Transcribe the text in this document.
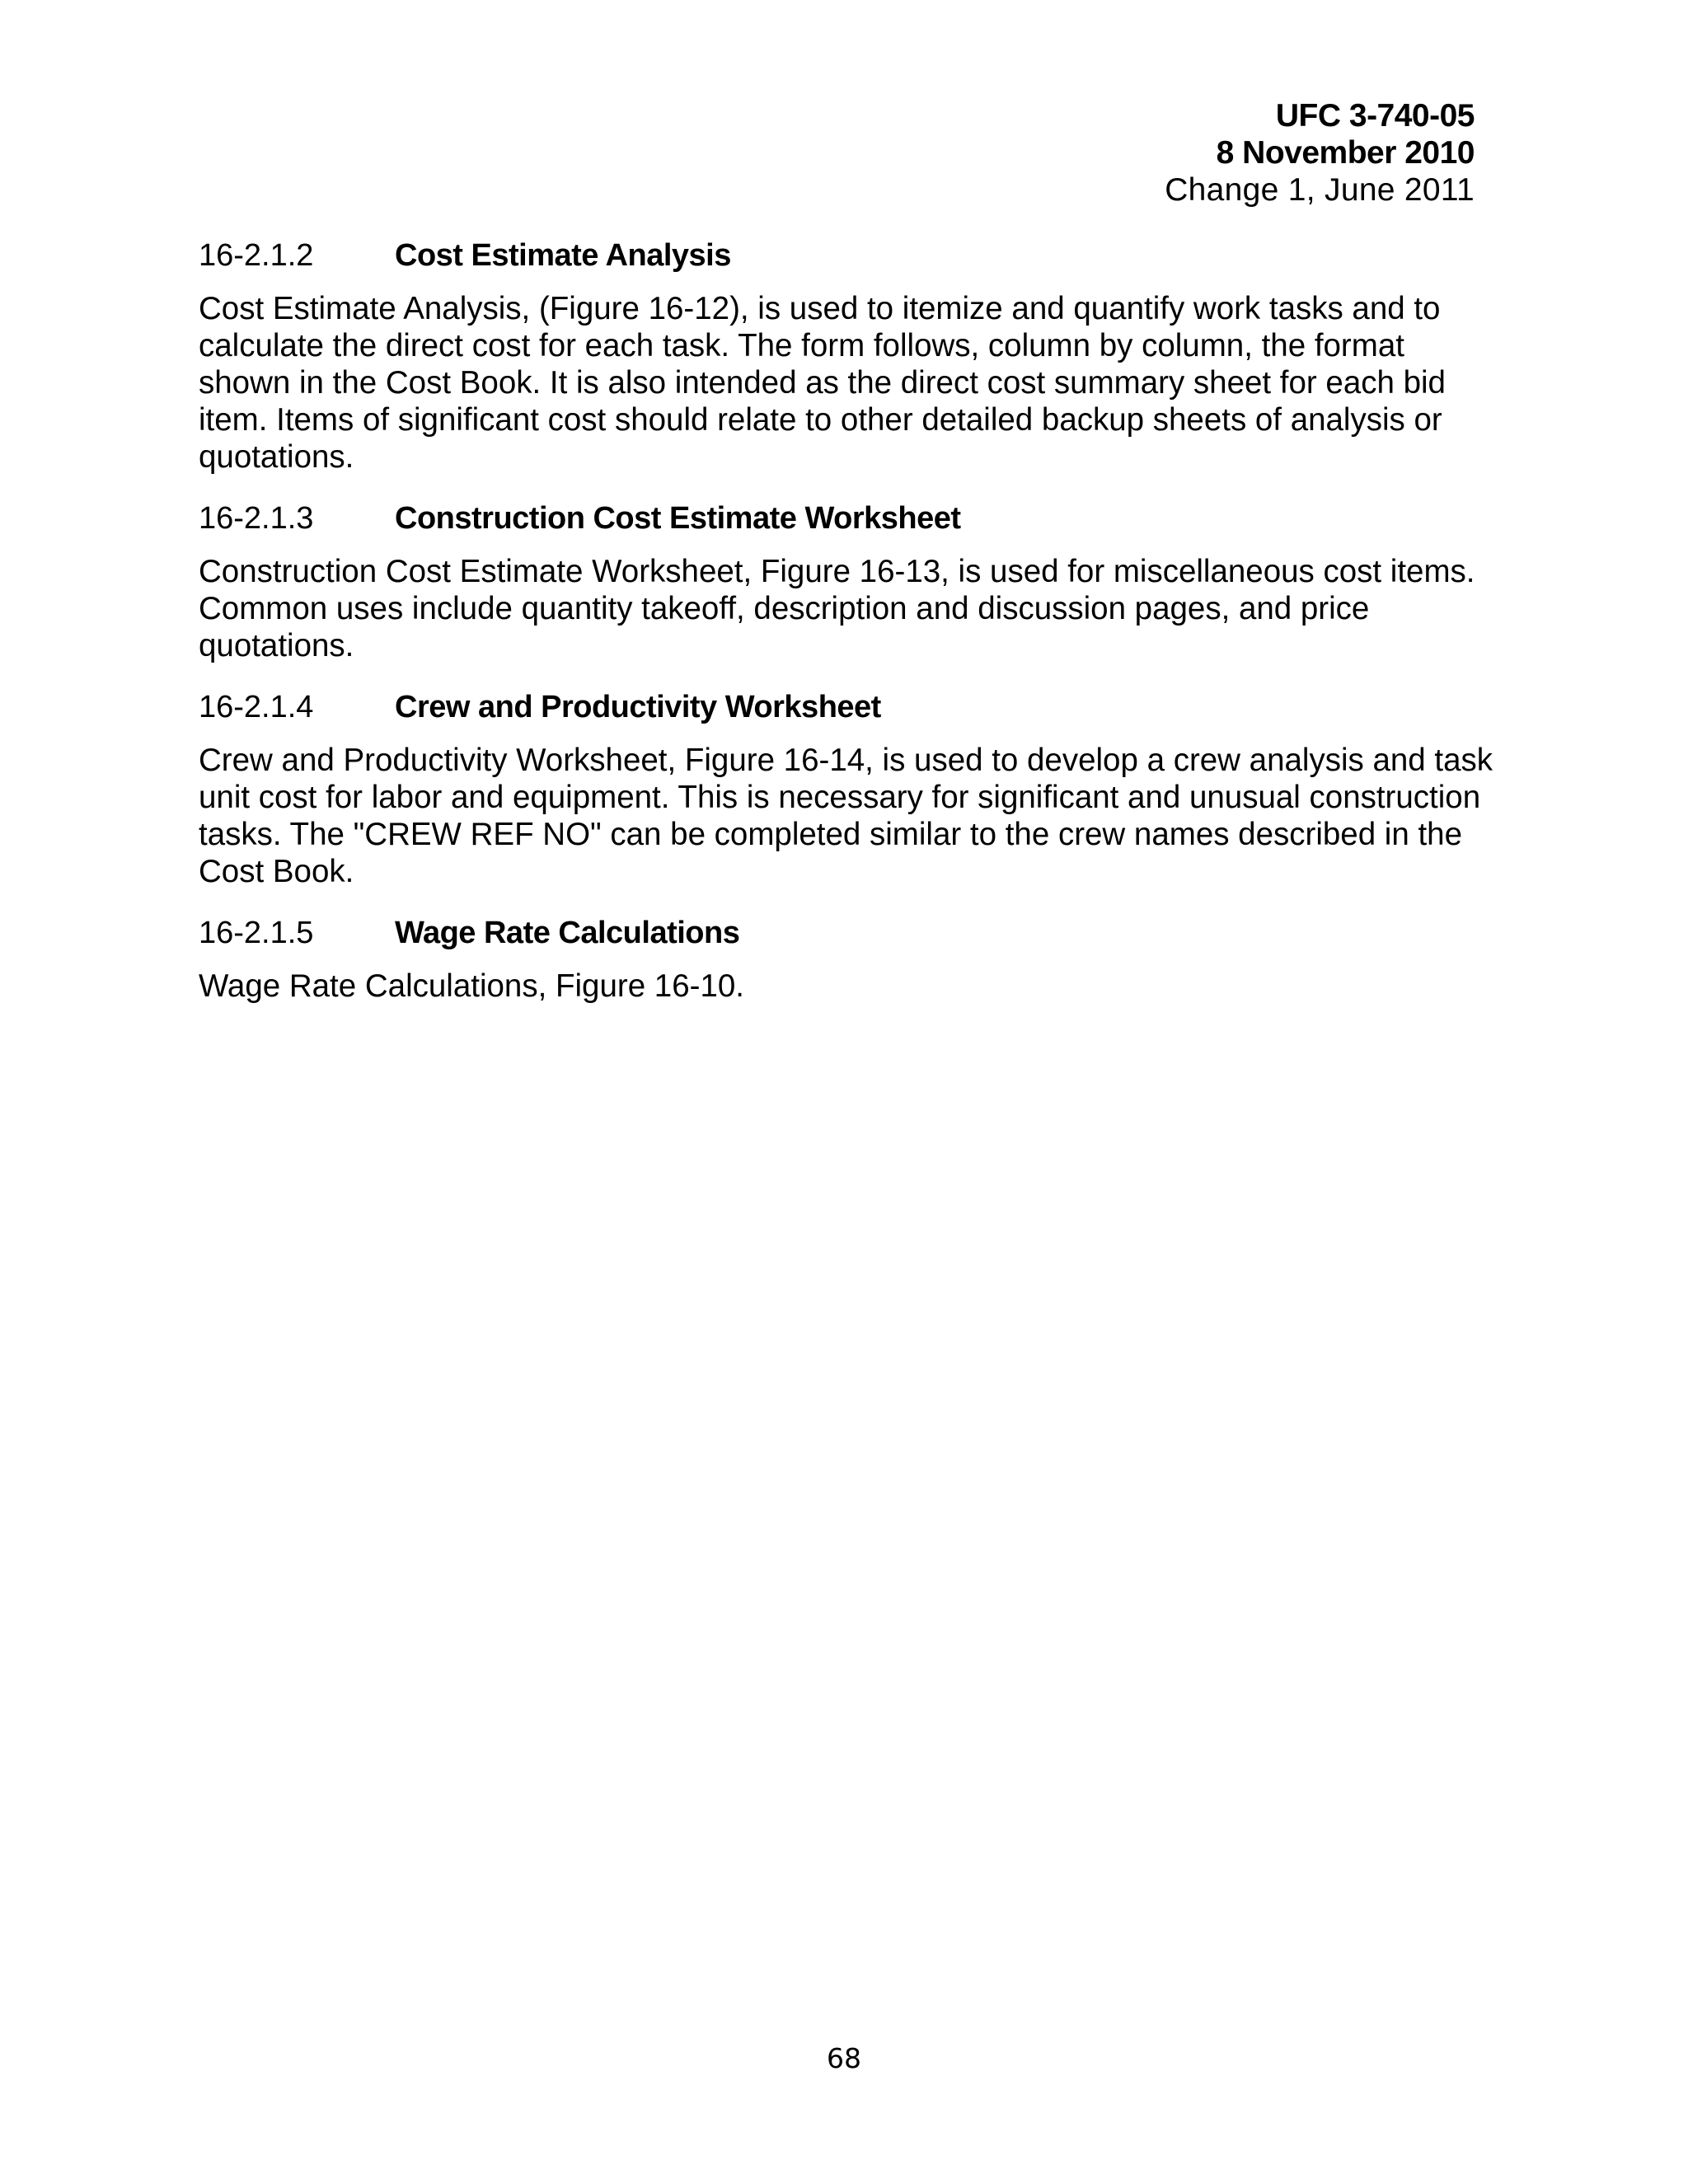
UFC 3-740-05
8 November 2010
Change 1, June 2011
16-2.1.2	Cost Estimate Analysis

Cost Estimate Analysis, (Figure 16-12), is used to itemize and quantify work tasks and to calculate the direct cost for each task. The form follows, column by column, the format shown in the Cost Book. It is also intended as the direct cost summary sheet for each bid item. Items of significant cost should relate to other detailed backup sheets of analysis or quotations.

16-2.1.3	Construction Cost Estimate Worksheet

Construction Cost Estimate Worksheet, Figure 16-13, is used for miscellaneous cost items. Common uses include quantity takeoff, description and discussion pages, and price quotations.

16-2.1.4	Crew and Productivity Worksheet

Crew and Productivity Worksheet, Figure 16-14, is used to develop a crew analysis and task unit cost for labor and equipment. This is necessary for significant and unusual construction tasks. The "CREW REF NO" can be completed similar to the crew names described in the Cost Book.

16-2.1.5	Wage Rate Calculations

Wage Rate Calculations, Figure 16-10.

68
